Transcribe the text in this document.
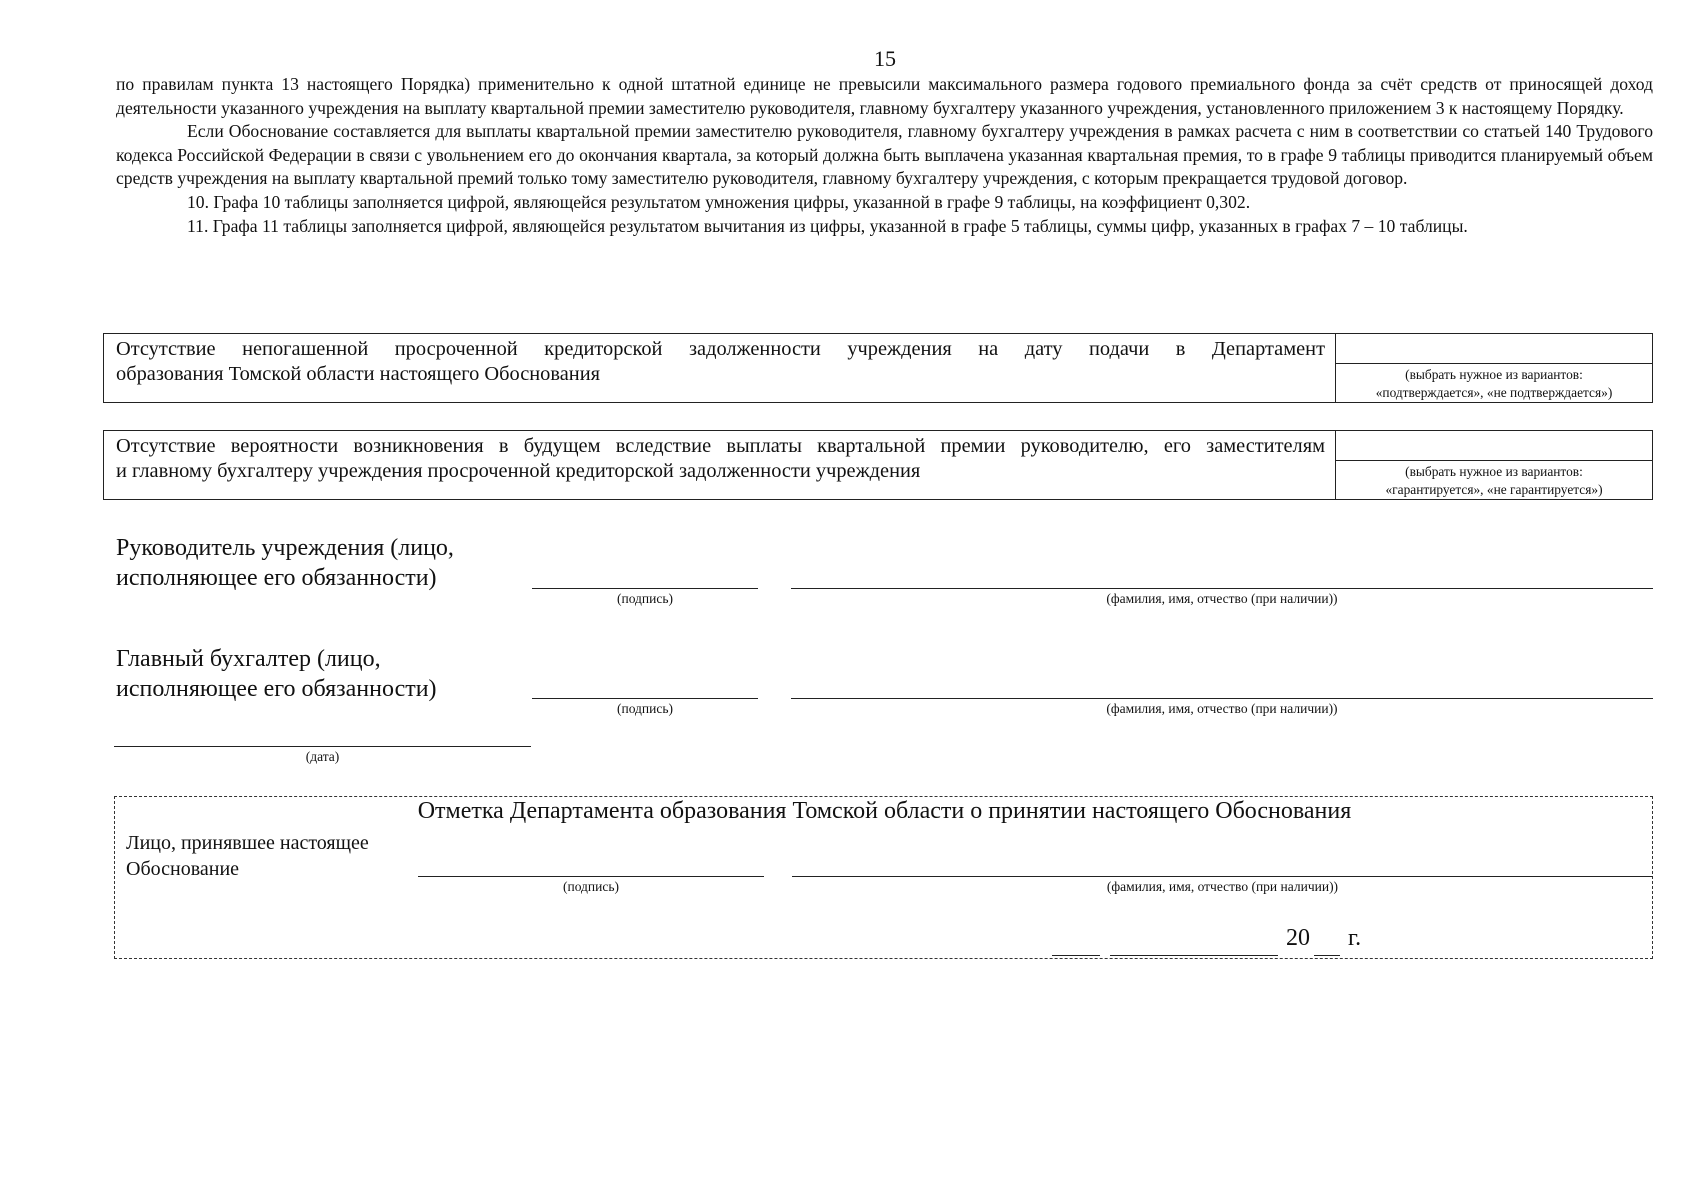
15

по правилам пункта 13 настоящего Порядка) применительно к одной штатной единице не превысили максимального размера годового премиального фонда за счёт средств от приносящей доход деятельности указанного учреждения на выплату квартальной премии заместителю руководителя, главному бухгалтеру указанного учреждения, установленного приложением 3 к настоящему Порядку.

Если Обоснование составляется для выплаты квартальной премии заместителю руководителя, главному бухгалтеру учреждения в рамках расчета с ним в соответствии со статьей 140 Трудового кодекса Российской Федерации в связи с увольнением его до окончания квартала, за который должна быть выплачена указанная квартальная премия, то в графе 9 таблицы приводится планируемый объем средств учреждения на выплату квартальной премий только тому заместителю руководителя, главному бухгалтеру учреждения, с которым прекращается трудовой договор.

10. Графа 10 таблицы заполняется цифрой, являющейся результатом умножения цифры, указанной в графе 9 таблицы, на коэффициент 0,302.

11. Графа 11 таблицы заполняется цифрой, являющейся результатом вычитания из цифры, указанной в графе 5 таблицы, суммы цифр, указанных в графах 7 – 10 таблицы.

Отсутствие непогашенной просроченной кредиторской задолженности учреждения на дату подачи в Департамент
образования Томской области настоящего Обоснования	(выбрать нужное из вариантов:
«подтверждается», «не подтверждается»)
Отсутствие вероятности возникновения в будущем вследствие выплаты квартальной премии руководителю, его заместителям
и главному бухгалтеру учреждения просроченной кредиторской задолженности учреждения	(выбрать нужное из вариантов:
«гарантируется», «не гарантируется»)
Руководитель учреждения (лицо,
исполняющее его обязанности)
(подпись)	(фамилия, имя, отчество (при наличии))
Главный бухгалтер (лицо,
исполняющее его обязанности)
(подпись)	(фамилия, имя, отчество (при наличии))
(дата)
Отметка Департамента образования Томской области о принятии настоящего Обоснования
Лицо, принявшее настоящее
Обоснование
(подпись)	(фамилия, имя, отчество (при наличии))
20 г.
